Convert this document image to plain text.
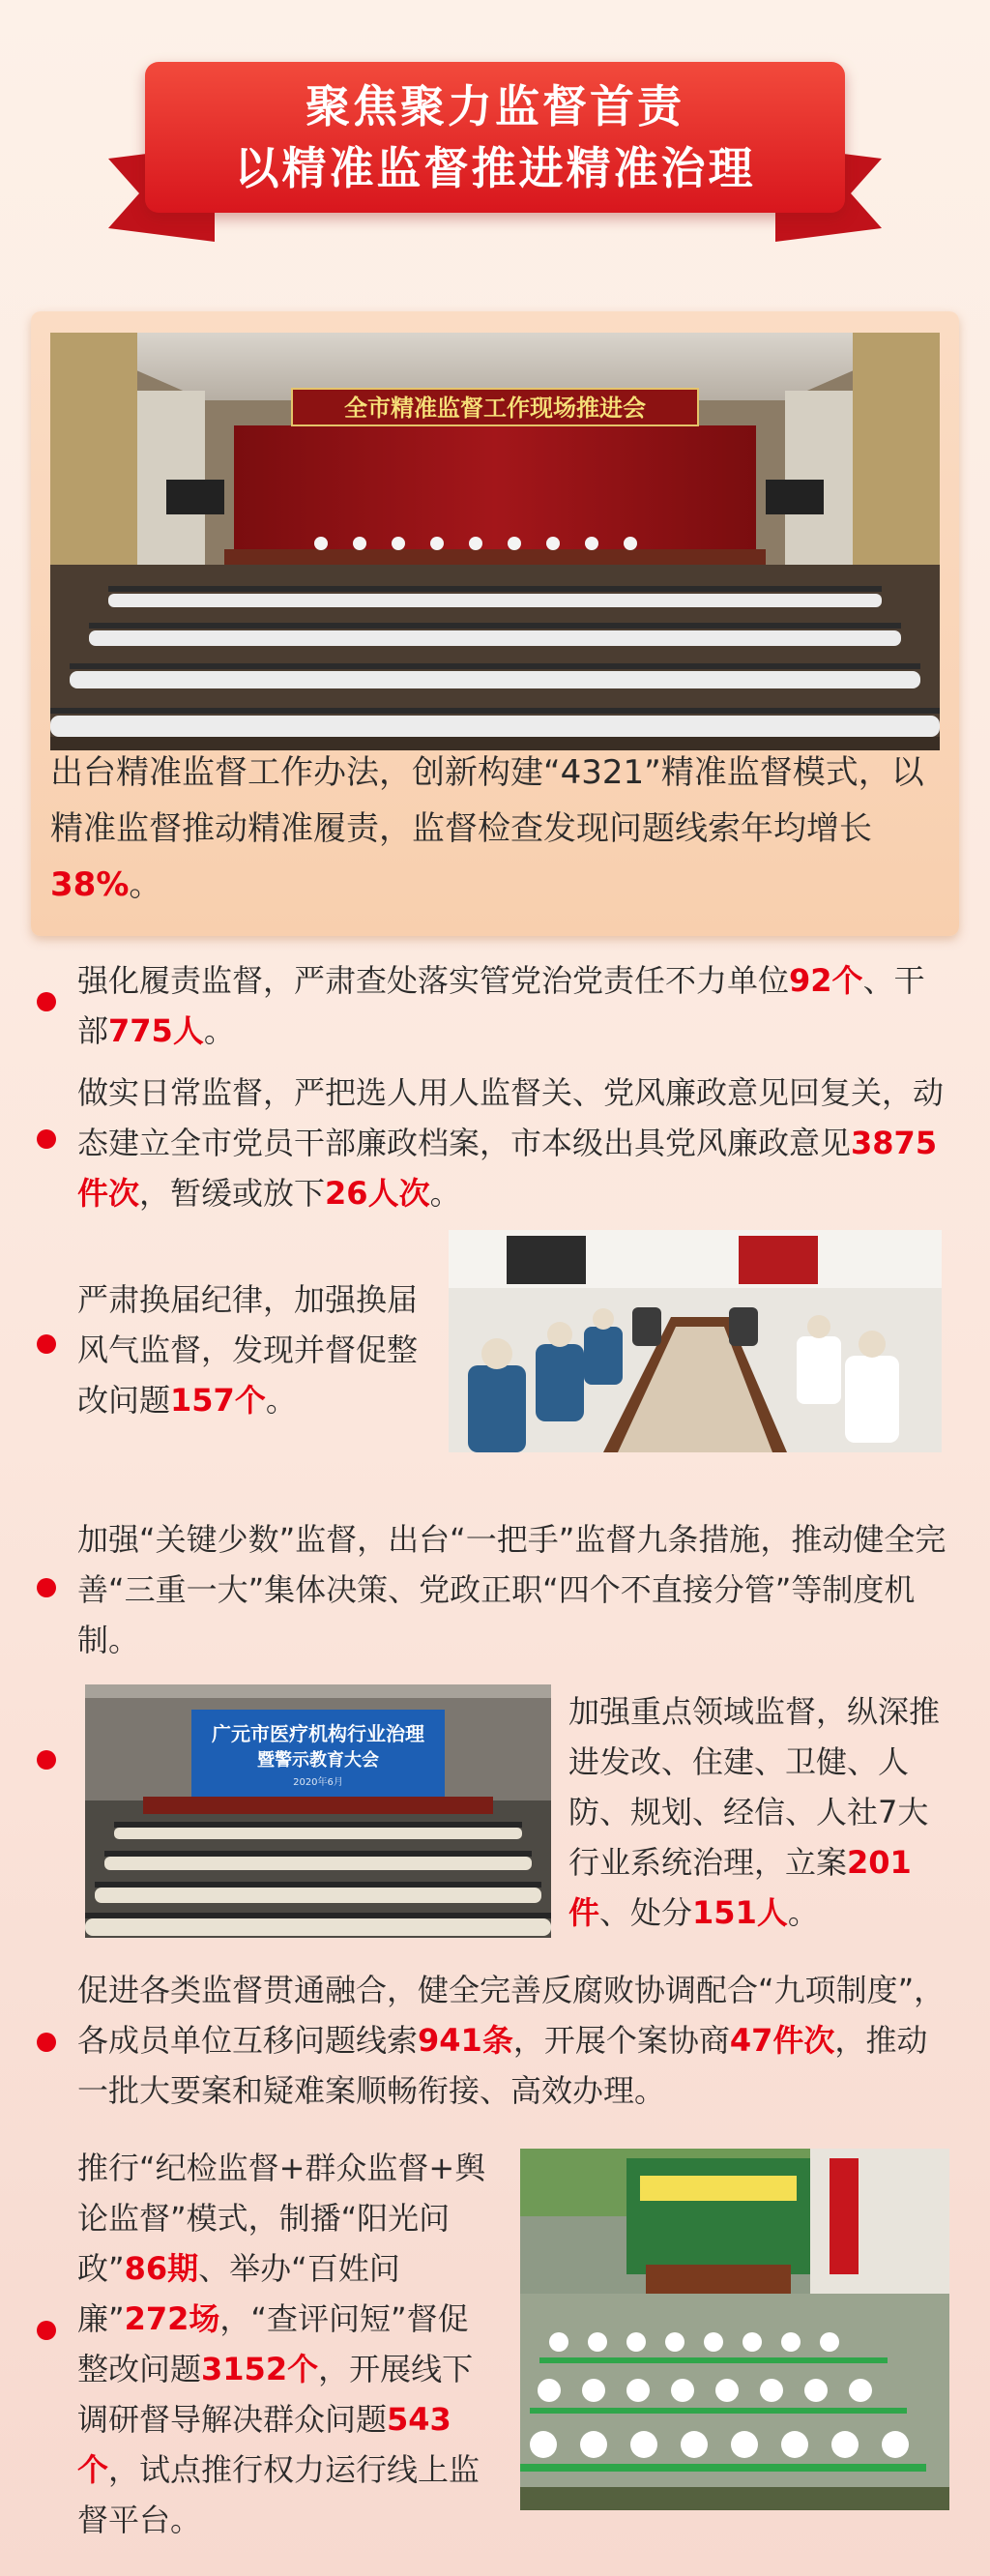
聚焦聚力监督首责
以精准监督推进精准治理
全市精准监督工作现场推进会
出台精准监督工作办法，创新构建“4321”精准监督模式，以精准监督推动精准履责，监督检查发现问题线索年均增长38%。
强化履责监督，严肃查处落实管党治党责任不力单位92个、干部775人。
做实日常监督，严把选人用人监督关、党风廉政意见回复关，动态建立全市党员干部廉政档案，市本级出具党风廉政意见3875件次，暂缓或放下26人次。
严肃换届纪律，加强换届风气监督，发现并督促整改问题157个。
加强“关键少数”监督，出台“一把手”监督九条措施，推动健全完善“三重一大”集体决策、党政正职“四个不直接分管”等制度机制。
广元市医疗机构行业治理
暨警示教育大会
2020年6月
加强重点领域监督，纵深推进发改、住建、卫健、人防、规划、经信、人社7大行业系统治理，立案201件、处分151人。
促进各类监督贯通融合，健全完善反腐败协调配合“九项制度”，各成员单位互移问题线索941条，开展个案协商47件次，推动一批大要案和疑难案顺畅衔接、高效办理。
推行“纪检监督+群众监督+舆论监督”模式，制播“阳光问政”86期、举办“百姓问廉”272场，“查评问短”督促整改问题3152个，开展线下调研督导解决群众问题543个，试点推行权力运行线上监督平台。
